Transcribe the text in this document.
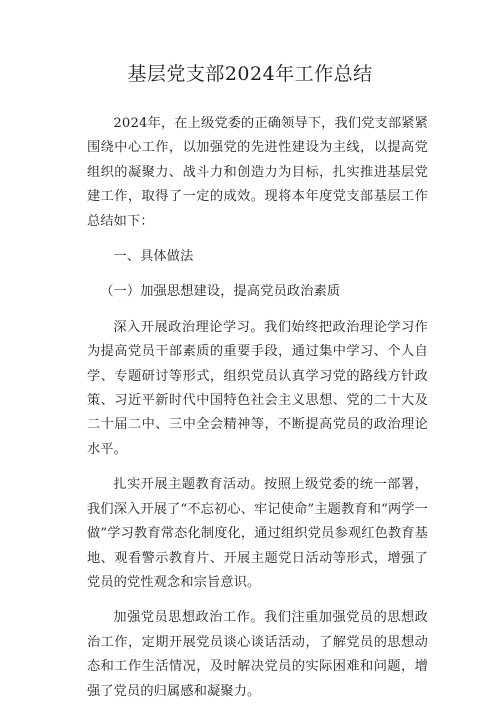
基层党支部2024年工作总结

2024年，在上级党委的正确领导下，我们党支部紧紧围绕中心工作，以加强党的先进性建设为主线，以提高党组织的凝聚力、战斗力和创造力为目标，扎实推进基层党建工作，取得了一定的成效。现将本年度党支部基层工作总结如下：

一、具体做法

（一）加强思想建设，提高党员政治素质

深入开展政治理论学习。我们始终把政治理论学习作为提高党员干部素质的重要手段，通过集中学习、个人自学、专题研讨等形式，组织党员认真学习党的路线方针政策、习近平新时代中国特色社会主义思想、党的二十大及二十届二中、三中全会精神等，不断提高党员的政治理论水平。

扎实开展主题教育活动。按照上级党委的统一部署，我们深入开展了“不忘初心、牢记使命”主题教育和“两学一做”学习教育常态化制度化，通过组织党员参观红色教育基地、观看警示教育片、开展主题党日活动等形式，增强了党员的党性观念和宗旨意识。

加强党员思想政治工作。我们注重加强党员的思想政治工作，定期开展党员谈心谈话活动，了解党员的思想动态和工作生活情况，及时解决党员的实际困难和问题，增强了党员的归属感和凝聚力。
